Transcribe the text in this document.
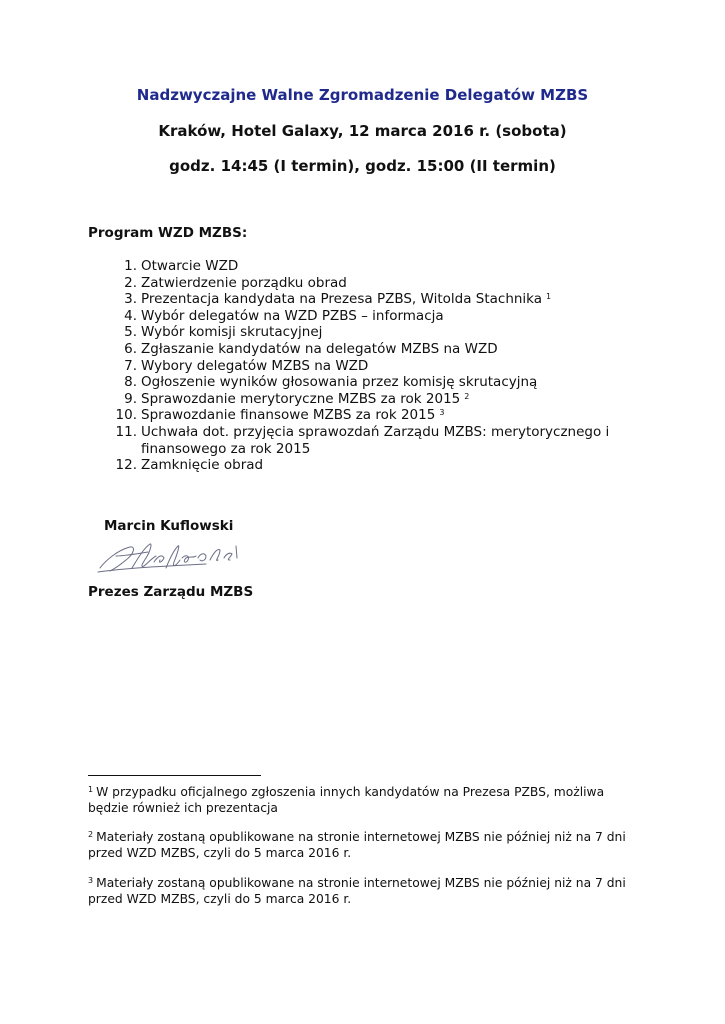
Nadzwyczajne Walne Zgromadzenie Delegatów MZBS
Kraków, Hotel Galaxy, 12 marca 2016 r. (sobota)
godz. 14:45 (I termin), godz. 15:00 (II termin)
Program WZD MZBS:
1. Otwarcie WZD
2. Zatwierdzenie porządku obrad
3. Prezentacja kandydata na Prezesa PZBS, Witolda Stachnika $^1$
4. Wybór delegatów na WZD PZBS – informacja
5. Wybór komisji skrutacyjnej
6. Zgłaszanie kandydatów na delegatów MZBS na WZD
7. Wybory delegatów MZBS na WZD
8. Ogłoszenie wyników głosowania przez komisję skrutacyjną
9. Sprawozdanie merytoryczne MZBS za rok 2015 $^2$
10. Sprawozdanie finansowe MZBS za rok 2015 $^3$
11. Uchwała dot. przyjęcia sprawozdań Zarządu MZBS: merytorycznego i finansowego za rok 2015
12. Zamknięcie obrad
Marcin Kuflowski
Prezes Zarządu MZBS
$^1$ W przypadku oficjalnego zgłoszenia innych kandydatów na Prezesa PZBS, możliwa będzie również ich prezentacja
$^2$ Materiały zostaną opublikowane na stronie internetowej MZBS nie później niż na 7 dni przed WZD MZBS, czyli do 5 marca 2016 r.
$^3$ Materiały zostaną opublikowane na stronie internetowej MZBS nie później niż na 7 dni przed WZD MZBS, czyli do 5 marca 2016 r.
